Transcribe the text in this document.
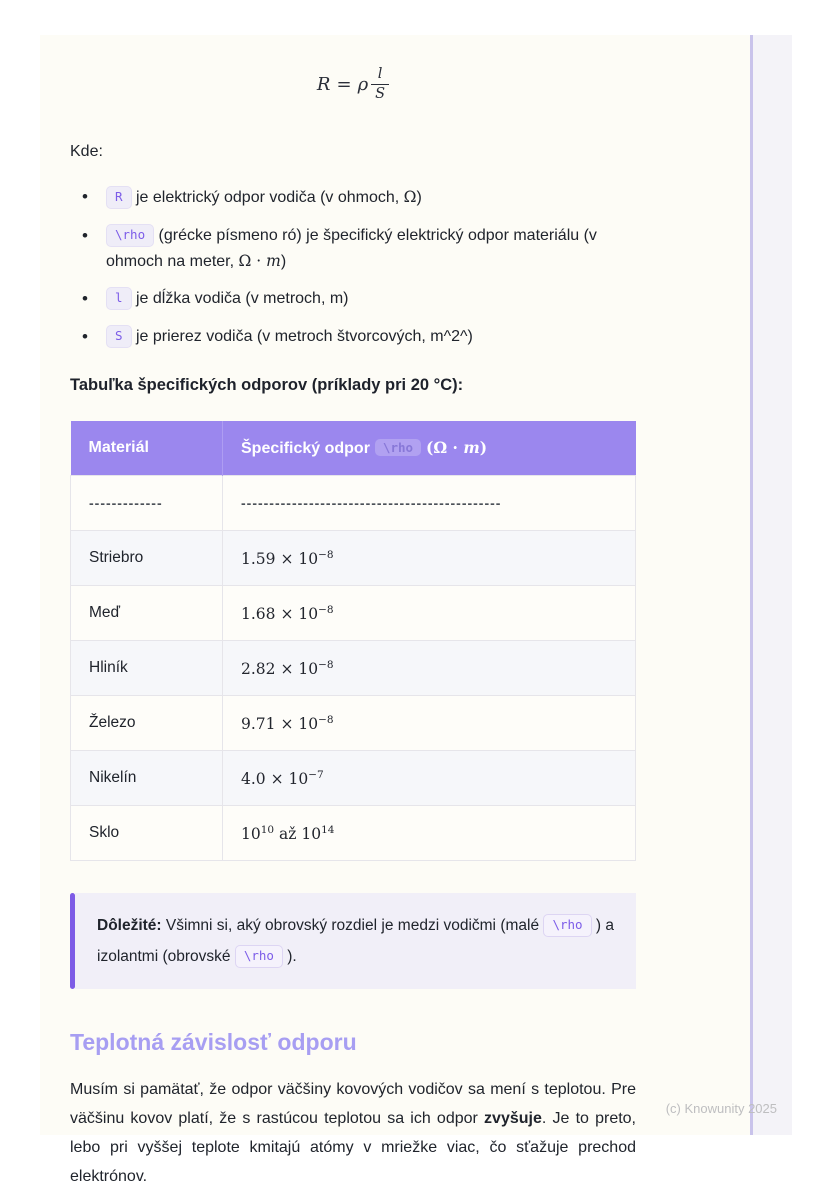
R = ρ $\frac{l}{S}$

Kde:

• R je elektrický odpor vodiča (v ohmoch, Ω)
• \rho (grécke písmeno ró) je špecifický elektrický odpor materiálu (v ohmoch na meter, Ω · m)
• l je dĺžka vodiča (v metroch, m)
• S je prierez vodiča (v metroch štvorcových, m^2^)

Tabuľka špecifických odporov (príklady pri 20 °C):

Materiál	Špecifický odpor \rho (Ω · m)
-------------	----------------------------------------------
Striebro	$1.59 \times 10^{-8}$
Meď	$1.68 \times 10^{-8}$
Hliník	$2.82 \times 10^{-8}$
Železo	$9.71 \times 10^{-8}$
Nikelín	$4.0 \times 10^{-7}$
Sklo	$10^{10}$ až $10^{14}$
Dôležité: Všimni si, aký obrovský rozdiel je medzi vodičmi (malé \rho ) a izolantmi (obrovské \rho ).
Teplotná závislosť odporu

Musím si pamätať, že odpor väčšiny kovových vodičov sa mení s teplotou. Pre väčšinu kovov platí, že s rastúcou teplotou sa ich odpor zvyšuje. Je to preto, lebo pri vyššej teplote kmitajú atómy v mriežke viac, čo sťažuje prechod elektrónov.

(c) Knowunity 2025
